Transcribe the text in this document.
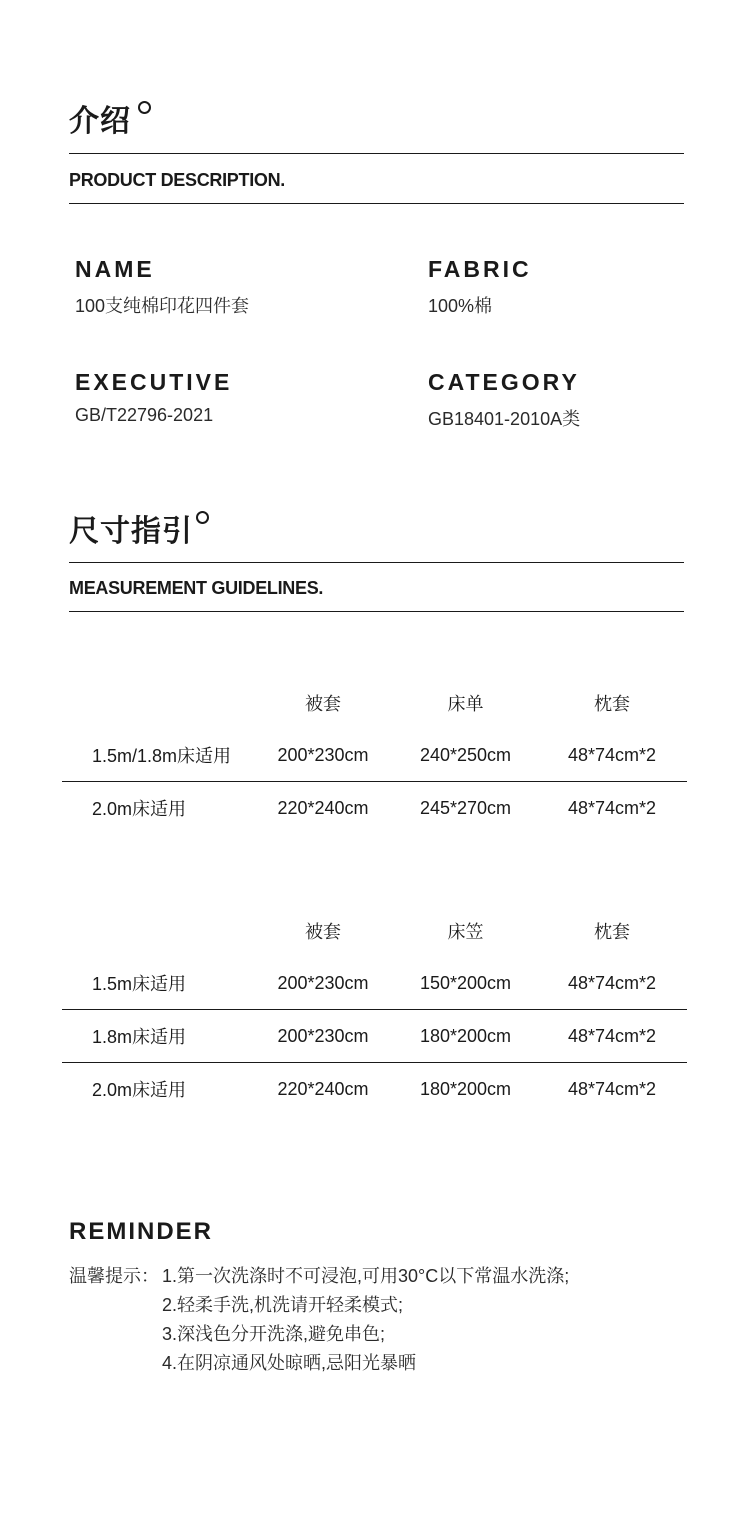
介绍
PRODUCT DESCRIPTION.
NAME
100支纯棉印花四件套
FABRIC
100%棉
EXECUTIVE
GB/T22796-2021
CATEGORY
GB18401-2010A类
尺寸指引
MEASUREMENT GUIDELINES.
	被套	床单	枕套
1.5m/1.8m床适用	200*230cm	240*250cm	48*74cm*2
2.0m床适用	220*240cm	245*270cm	48*74cm*2
	被套	床笠	枕套
1.5m床适用	200*230cm	150*200cm	48*74cm*2
1.8m床适用	200*230cm	180*200cm	48*74cm*2
2.0m床适用	220*240cm	180*200cm	48*74cm*2
REMINDER
温馨提示： 1.第一次洗涤时不可浸泡,可用30°C以下常温水洗涤;
2.轻柔手洗,机洗请开轻柔模式;
3.深浅色分开洗涤,避免串色;
4.在阴凉通风处晾晒,忌阳光暴晒
